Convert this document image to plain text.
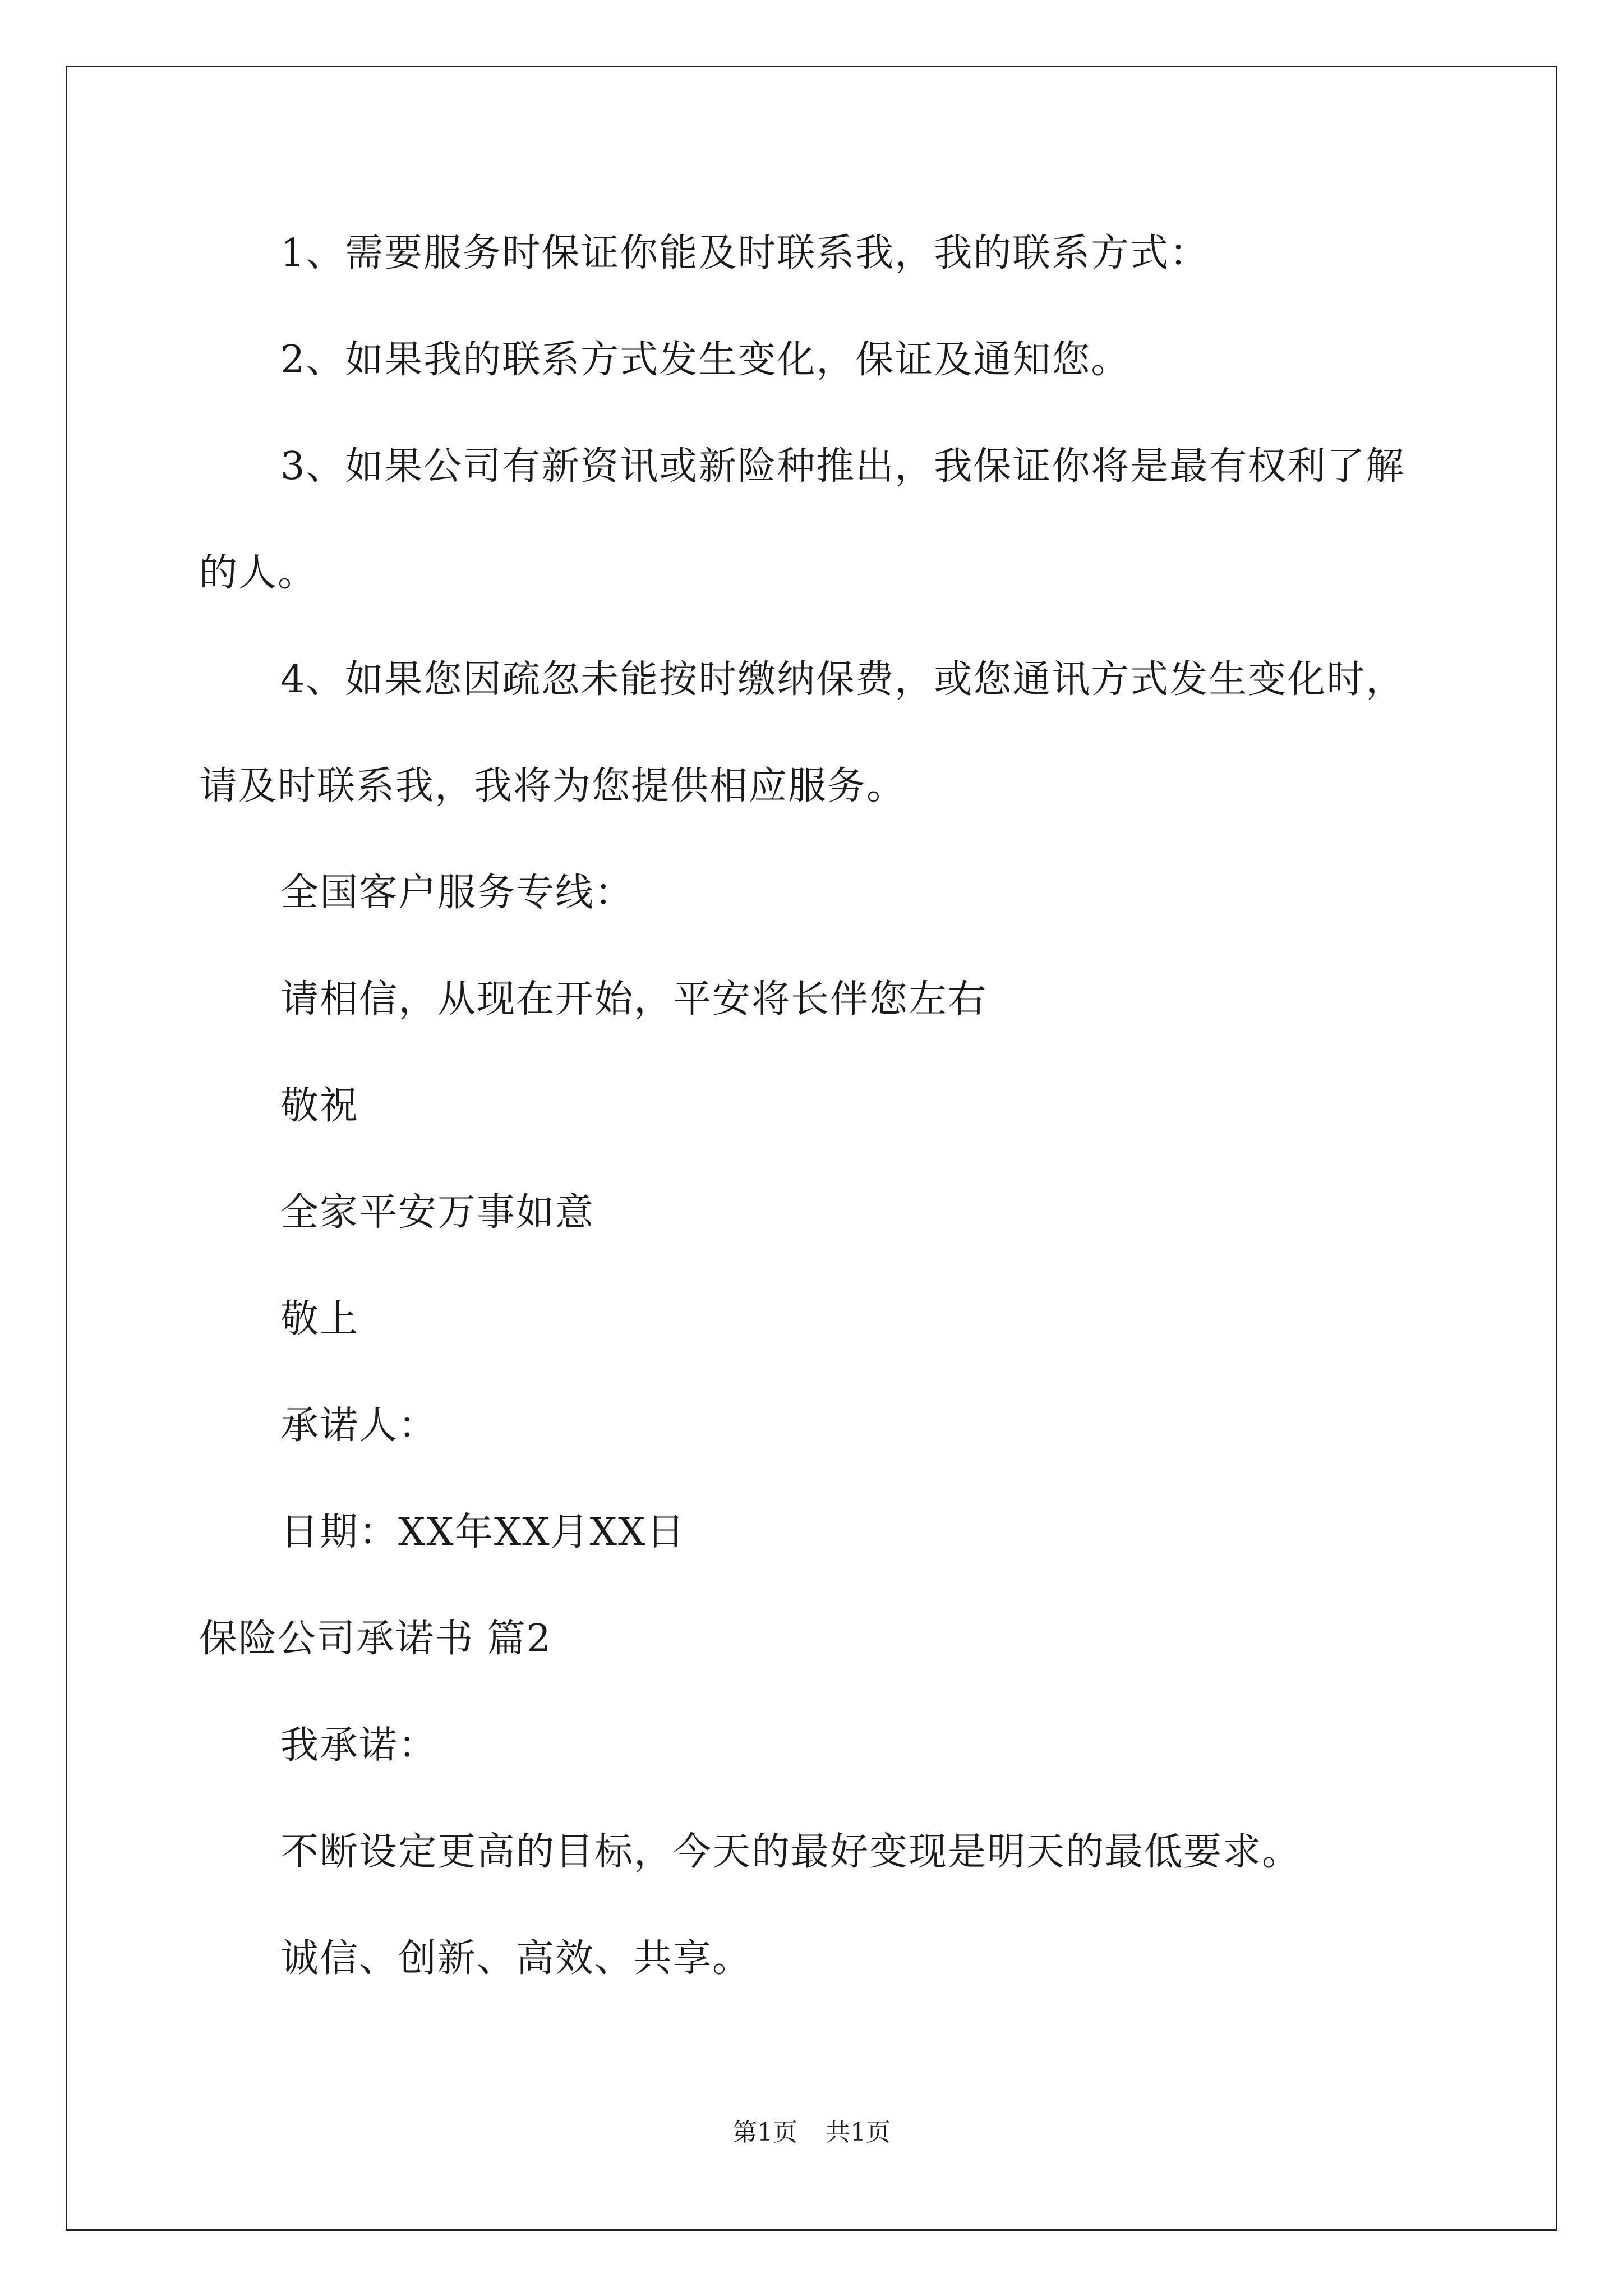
1、需要服务时保证你能及时联系我，我的联系方式：
2、如果我的联系方式发生变化，保证及通知您。
3、如果公司有新资讯或新险种推出，我保证你将是最有权利了解
的人。
4、如果您因疏忽未能按时缴纳保费，或您通讯方式发生变化时，
请及时联系我，我将为您提供相应服务。
全国客户服务专线：
请相信，从现在开始，平安将长伴您左右
敬祝
全家平安万事如意
敬上
承诺人：
日期：XX年XX月XX日
保险公司承诺书 篇2
我承诺：
不断设定更高的目标，今天的最好变现是明天的最低要求。
诚信、创新、高效、共享。
第1页 共1页
